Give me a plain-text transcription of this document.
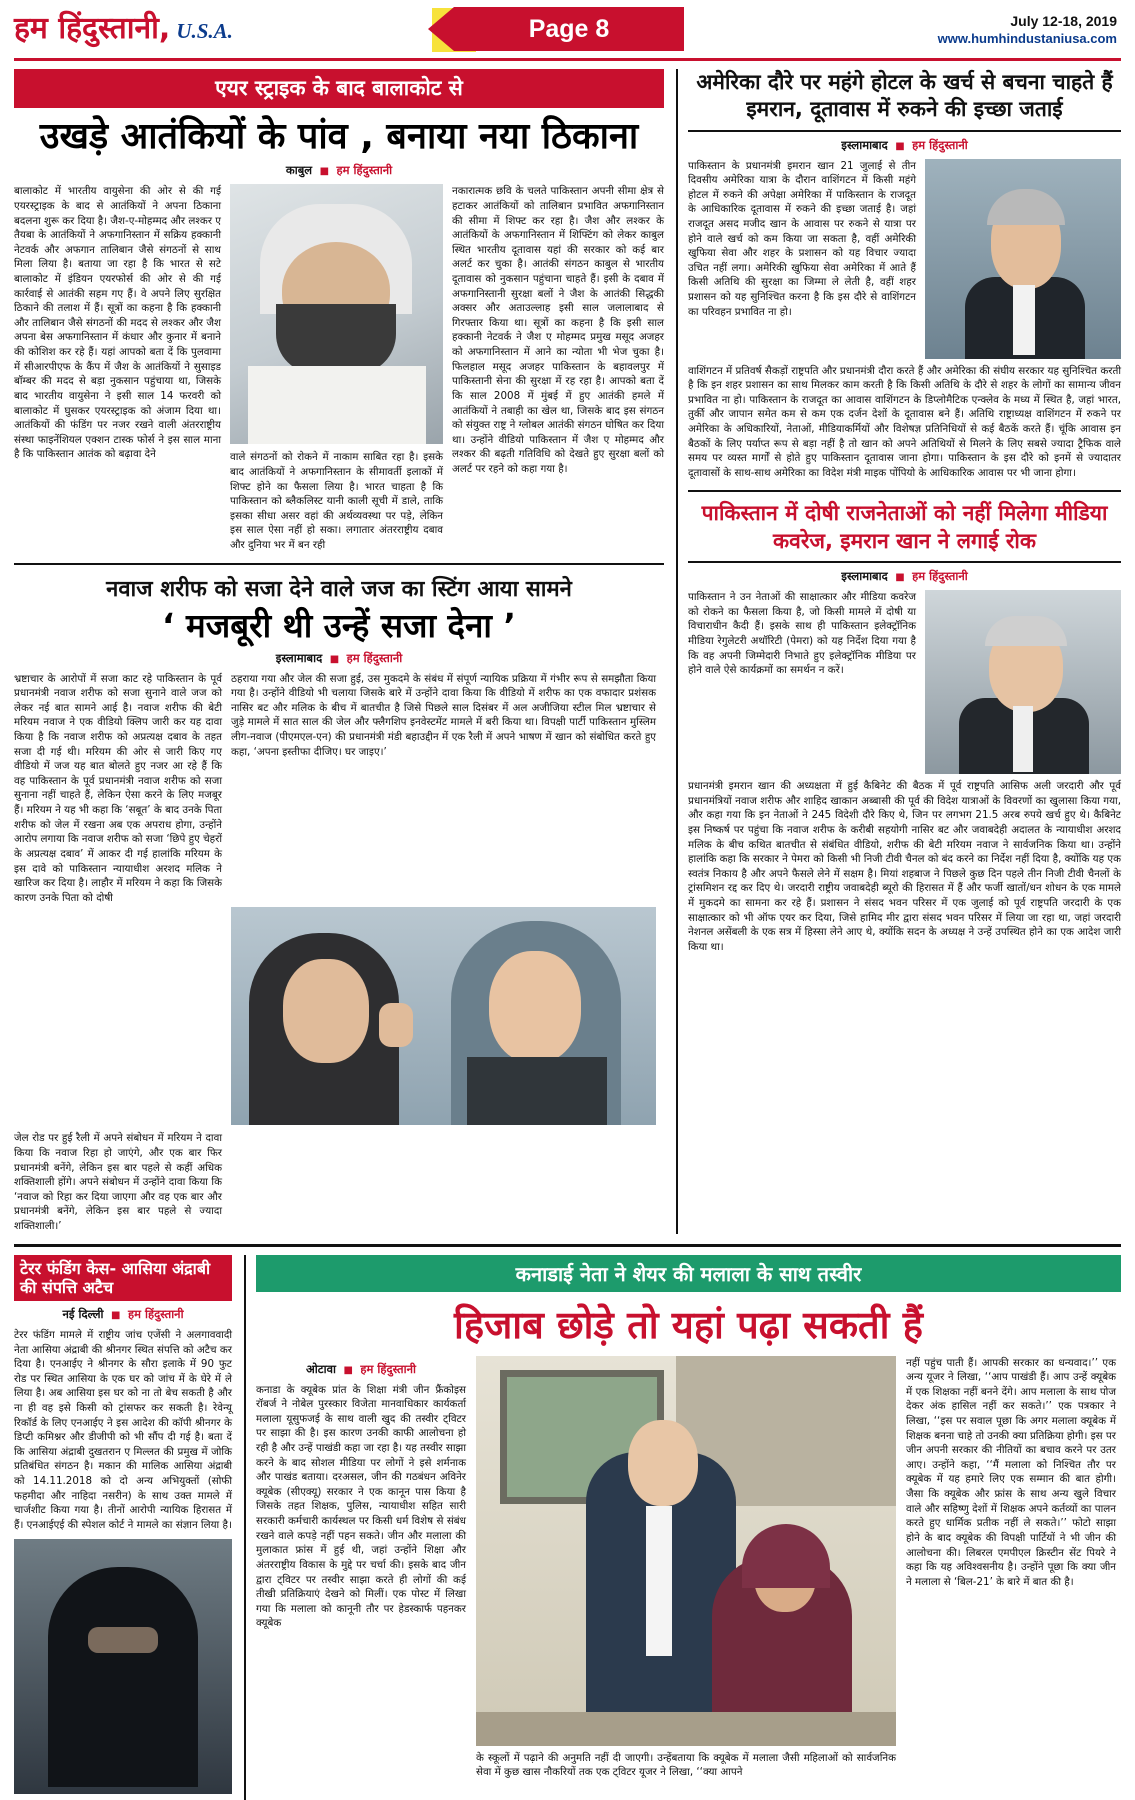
हम हिंदुस्तानी, U.S.A.	Page 8	July 12-18, 2019
www.humhindustaniusa.com
एयर स्ट्राइक के बाद बालाकोट से
उखड़े आतंकियों के पांव , बनाया नया ठिकाना
काबुल  ■  हम हिंदुस्तानी
बालाकोट में भारतीय वायुसेना की ओर से की गई एयरस्ट्राइक के बाद से आतंकियों ने अपना ठिकाना बदलना शुरू कर दिया है। जैश-ए-मोहम्मद और लश्कर ए तैयबा के आतंकियों ने अफगानिस्तान में सक्रिय हक्कानी नेटवर्क और अफगान तालिबान जैसे संगठनों से साथ मिला लिया है। बताया जा रहा है कि भारत से सटे बालाकोट में इंडियन एयरफोर्स की ओर से की गई कार्रवाई से आतंकी सहम गए हैं। वे अपने लिए सुरक्षित ठिकाने की तलाश में हैं। सूत्रों का कहना है कि हक्कानी और तालिबान जैसे संगठनों की मदद से लश्कर और जैश अपना बेस अफगानिस्तान में कंधार और कुनार में बनाने की कोशिश कर रहे हैं। यहां आपको बता दें कि पुलवामा में सीआरपीएफ के कैंप में जैश के आतंकियों ने सुसाइड बॉम्बर की मदद से बड़ा नुकसान पहुंचाया था, जिसके बाद भारतीय वायुसेना ने इसी साल 14 फरवरी को बालाकोट में घुसकर एयरस्ट्राइक को अंजाम दिया था। आतंकियों की फंडिंग पर नजर रखने वाली अंतरराष्ट्रीय संस्था फाइनेंशियल एक्शन टास्क फोर्स ने इस साल माना है कि पाकिस्तान आतंक को बढ़ावा देने	वाले संगठनों को रोकने में नाकाम साबित रहा है। इसके बाद आतंकियों ने अफगानिस्तान के सीमावर्ती इलाकों में शिफ्ट होने का फैसला लिया है। भारत चाहता है कि पाकिस्तान को ब्लैकलिस्ट यानी काली सूची में डाले, ताकि इसका सीधा असर वहां की अर्थव्यवस्था पर पड़े, लेकिन इस साल ऐसा नहीं हो सका। लगातार अंतरराष्ट्रीय दबाव और दुनिया भर में बन रही
नकारात्मक छवि के चलते पाकिस्तान अपनी सीमा क्षेत्र से हटाकर आतंकियों को तालिबान प्रभावित अफगानिस्तान की सीमा में शिफ्ट कर रहा है। जैश और लश्कर के आतंकियों के अफगानिस्तान में शिफ्टिंग को लेकर काबुल स्थित भारतीय दूतावास यहां की सरकार को कई बार अलर्ट कर चुका है। आतंकी संगठन काबुल से भारतीय दूतावास को नुकसान पहुंचाना चाहते हैं। इसी के दबाव में अफगानिस्तानी सुरक्षा बलों ने जैश के आतंकी सिद्धकी अक्सर और अताउल्लाह इसी साल जलालाबाद से गिरफ्तार किया था। सूत्रों का कहना है कि इसी साल हक्कानी नेटवर्क ने जैश ए मोहम्मद प्रमुख मसूद अजहर को अफगानिस्तान में आने का न्योता भी भेज चुका है। फिलहाल मसूद अजहर पाकिस्तान के बहावलपुर में पाकिस्तानी सेना की सुरक्षा में रह रहा है। आपको बता दें कि साल 2008 में मुंबई में हुए आतंकी हमले में आतंकियों ने तबाही का खेल था, जिसके बाद इस संगठन को संयुक्त राष्ट्र ने ग्लोबल आतंकी संगठन घोषित कर दिया था। उन्होंने वीडियो पाकिस्तान में जैश ए मोहम्मद और लश्कर की बढ़ती गतिविधि को देखते हुए सुरक्षा बलों को अलर्ट पर रहने को कहा गया है।
नवाज शरीफ को सजा देने वाले जज का स्टिंग आया सामने
‘ मजबूरी थी उन्हें सजा देना ’
इस्लामाबाद  ■  हम हिंदुस्तानी
भ्रष्टाचार के आरोपों में सजा काट रहे पाकिस्तान के पूर्व प्रधानमंत्री नवाज शरीफ को सजा सुनाने वाले जज को लेकर नई बात सामने आई है। नवाज शरीफ की बेटी मरियम नवाज ने एक वीडियो क्लिप जारी कर यह दावा किया है कि नवाज शरीफ को अप्रत्यक्ष दबाव के तहत सजा दी गई थी। मरियम की ओर से जारी किए गए वीडियो में जज यह बात बोलते हुए नजर आ रहे हैं कि वह पाकिस्तान के पूर्व प्रधानमंत्री नवाज शरीफ को सजा सुनाना नहीं चाहते हैं, लेकिन ऐसा करने के लिए मजबूर हैं। मरियम ने यह भी कहा कि ‘सबूत’ के बाद उनके पिता शरीफ को जेल में रखना अब एक अपराध होगा, उन्होंने आरोप लगाया कि नवाज शरीफ को सजा ‘छिपे हुए चेहरों के अप्रत्यक्ष दबाव’ में आकर दी गई हालांकि मरियम के इस दावे को पाकिस्तान न्यायाधीश अरशद मलिक ने खारिज कर दिया है। लाहौर में मरियम ने कहा कि जिसके कारण उनके पिता को दोषी
ठहराया गया और जेल की सजा हुई, उस मुकदमे के संबंध में संपूर्ण न्यायिक प्रक्रिया में गंभीर रूप से समझौता किया गया है। उन्होंने वीडियो भी चलाया जिसके बारे में उन्होंने दावा किया कि वीडियो में शरीफ का एक वफादार प्रशंसक नासिर बट और मलिक के बीच में बातचीत है जिसे पिछले साल दिसंबर में अल अजीजिया स्टील मिल भ्रष्टाचार से जुड़े मामले में सात साल की जेल और फ्लैगशिप इनवेस्टमेंट मामले में बरी किया था। विपक्षी पार्टी पाकिस्तान मुस्लिम लीग-नवाज (पीएमएल-एन) की प्रधानमंत्री मंडी बहाउद्दीन में एक रैली में अपने भाषण में खान को संबोधित करते हुए कहा, ‘अपना इस्तीफा दीजिए। घर जाइए।’
जेल रोड पर हुई रैली में अपने संबोधन में मरियम ने दावा किया कि नवाज रिहा हो जाएंगे, और एक बार फिर प्रधानमंत्री बनेंगे, लेकिन इस बार पहले से कहीं अधिक शक्तिशाली होंगे। अपने संबोधन में उन्होंने दावा किया कि ‘नवाज को रिहा कर दिया जाएगा और वह एक बार और प्रधानमंत्री बनेंगे, लेकिन इस बार पहले से ज्यादा शक्तिशाली।’
अमेरिका दौरे पर महंगे होटल के खर्च से बचना चाहते हैं इमरान, दूतावास में रुकने की इच्छा जताई
इस्लामाबाद  ■  हम हिंदुस्तानी
पाकिस्तान के प्रधानमंत्री इमरान खान 21 जुलाई से तीन दिवसीय अमेरिका यात्रा के दौरान वाशिंगटन में किसी महंगे होटल में रुकने की अपेक्षा अमेरिका में पाकिस्तान के राजदूत के आधिकारिक दूतावास में रुकने की इच्छा जताई है। जहां राजदूत असद मजीद खान के आवास पर रुकने से यात्रा पर होने वाले खर्च को कम किया जा सकता है, वहीं अमेरिकी खुफिया सेवा और शहर के प्रशासन को यह विचार ज्यादा उचित नहीं लगा। अमेरिकी खुफिया सेवा अमेरिका में आते हैं किसी अतिथि की सुरक्षा का जिम्मा ले लेती है, वहीं शहर प्रशासन को यह सुनिश्चित करना है कि इस दौरे से वाशिंगटन का परिवहन प्रभावित ना हो।
वाशिंगटन में प्रतिवर्ष सैकड़ों राष्ट्रपति और प्रधानमंत्री दौरा करते हैं और अमेरिका की संघीय सरकार यह सुनिश्चित करती है कि इन शहर प्रशासन का साथ मिलकर काम करती है कि किसी अतिथि के दौरे से शहर के लोगों का सामान्य जीवन प्रभावित ना हो। पाकिस्तान के राजदूत का आवास वाशिंगटन के डिप्लोमैटिक एन्क्लेव के मध्य में स्थित है, जहां भारत, तुर्की और जापान समेत कम से कम एक दर्जन देशों के दूतावास बने हैं। अतिथि राष्ट्राध्यक्ष वाशिंगटन में रुकने पर अमेरिका के अधिकारियों, नेताओं, मीडियाकर्मियों और विशेषज्ञ प्रतिनिधियों से कई बैठकें करते हैं। चूंकि आवास इन बैठकों के लिए पर्याप्त रूप से बड़ा नहीं है तो खान को अपने अतिथियों से मिलने के लिए सबसे ज्यादा ट्रैफिक वाले समय पर व्यस्त मार्गों से होते हुए पाकिस्तान दूतावास जाना होगा। पाकिस्तान के इस दौरे को इनमें से ज्यादातर दूतावासों के साथ-साथ अमेरिका का विदेश मंत्री माइक पोंपियो के आधिकारिक आवास पर भी जाना होगा।
पाकिस्तान में दोषी राजनेताओं को नहीं मिलेगा मीडिया कवरेज, इमरान खान ने लगाई रोक
इस्लामाबाद  ■  हम हिंदुस्तानी
पाकिस्तान ने उन नेताओं की साक्षात्कार और मीडिया कवरेज को रोकने का फैसला किया है, जो किसी मामले में दोषी या विचाराधीन कैदी हैं। इसके साथ ही पाकिस्तान इलेक्ट्रॉनिक मीडिया रेगुलेटरी अथॉरिटी (पेमरा) को यह निर्देश दिया गया है कि वह अपनी जिम्मेदारी निभाते हुए इलेक्ट्रॉनिक मीडिया पर होने वाले ऐसे कार्यक्रमों का समर्थन न करें।
प्रधानमंत्री इमरान खान की अध्यक्षता में हुई कैबिनेट की बैठक में पूर्व राष्ट्रपति आसिफ अली जरदारी और पूर्व प्रधानमंत्रियों नवाज शरीफ और शाहिद खाकान अब्बासी की पूर्व की विदेश यात्राओं के विवरणों का खुलासा किया गया, और कहा गया कि इन नेताओं ने 245 विदेशी दौरे किए थे, जिन पर लगभग 21.5 अरब रुपये खर्च हुए थे। कैबिनेट इस निष्कर्ष पर पहुंचा कि नवाज शरीफ के करीबी सहयोगी नासिर बट और जवाबदेही अदालत के न्यायाधीश अरशद मलिक के बीच कथित बातचीत से संबंधित वीडियो, शरीफ की बेटी मरियम नवाज ने सार्वजनिक किया था। उन्होंने हालांकि कहा कि सरकार ने पेमरा को किसी भी निजी टीवी चैनल को बंद करने का निर्देश नहीं दिया है, क्योंकि यह एक स्वतंत्र निकाय है और अपने फैसले लेने में सक्षम है। मियां शहबाज ने पिछले कुछ दिन पहले तीन निजी टीवी चैनलों के ट्रांसमिशन रद्द कर दिए थे। जरदारी राष्ट्रीय जवाबदेही ब्यूरो की हिरासत में हैं और फर्जी खातों/धन शोधन के एक मामले में मुकदमे का सामना कर रहे हैं। प्रशासन ने संसद भवन परिसर में एक जुलाई को पूर्व राष्ट्रपति जरदारी के एक साक्षात्कार को भी ऑफ एयर कर दिया, जिसे हामिद मीर द्वारा संसद भवन परिसर में लिया जा रहा था, जहां जरदारी नेशनल असेंबली के एक सत्र में हिस्सा लेने आए थे, क्योंकि सदन के अध्यक्ष ने उन्हें उपस्थित होने का एक आदेश जारी किया था।
टेरर फंडिंग केस- आसिया अंद्राबी की संपत्ति अटैच
नई दिल्ली  ■  हम हिंदुस्तानी
टेरर फंडिंग मामले में राष्ट्रीय जांच एजेंसी ने अलगाववादी नेता आसिया अंद्राबी की श्रीनगर स्थित संपत्ति को अटैच कर दिया है। एनआईए ने श्रीनगर के सौरा इलाके में 90 फुट रोड पर स्थित आसिया के एक घर को जांच में के घेरे में ले लिया है। अब आसिया इस घर को ना तो बेच सकती है और ना ही वह इसे किसी को ट्रांसफर कर सकती है। रेवेन्यू रिकॉर्ड के लिए एनआईए ने इस आदेश की कॉपी श्रीनगर के डिप्टी कमिश्नर और डीजीपी को भी सौंप दी गई है। बता दें कि आसिया अंद्राबी दुखतरान ए मिल्लत की प्रमुख में जोकि प्रतिबंधित संगठन है। मकान की मालिक आसिया अंद्राबी को 14.11.2018 को दो अन्य अभियुक्तों (सोफी फहमीदा और नाहिदा नसरीन) के साथ उक्त मामले में चार्जशीट किया गया है। तीनों आरोपी न्यायिक हिरासत में हैं। एनआईएई की स्पेशल कोर्ट ने मामले का संज्ञान लिया है।
कनाडाई नेता ने शेयर की मलाला के साथ तस्वीर
हिजाब छोड़े तो यहां पढ़ा सकती हैं
ओटावा  ■  हम हिंदुस्तानी
कनाडा के क्यूबेक प्रांत के शिक्षा मंत्री जीन फ्रैंकोइस रॉबर्ज ने नोबेल पुरस्कार विजेता मानवाधिकार कार्यकर्ता मलाला यूसुफजई के साथ वाली खुद की तस्वीर ट्विटर पर साझा की है। इस कारण उनकी काफी आलोचना हो रही है और उन्हें पाखंडी कहा जा रहा है। यह तस्वीर साझा करने के बाद सोशल मीडिया पर लोगों ने इसे शर्मनाक और पाखंड बताया। दरअसल, जीन की गठबंधन अविनेर क्यूबेक (सीएक्यू) सरकार ने एक कानून पास किया है जिसके तहत शिक्षक, पुलिस, न्यायाधीश सहित सारी सरकारी कर्मचारी कार्यस्थल पर किसी धर्म विशेष से संबंध रखने वाले कपड़े नहीं पहन सकते। जीन और मलाला की मुलाकात फ्रांस में हुई थी, जहां उन्होंने शिक्षा और अंतरराष्ट्रीय विकास के मुद्दे पर चर्चा की। इसके बाद जीन द्वारा ट्विटर पर तस्वीर साझा करते ही लोगों की कई तीखी प्रतिक्रियाएं देखने को मिलीं। एक पोस्ट में लिखा गया कि मलाला को कानूनी तौर पर हेडस्कार्फ पहनकर क्यूबेक
के स्कूलों में पढ़ाने की अनुमति नहीं दी जाएगी। उन्हेंबताया कि क्यूबेक में मलाला जैसी महिलाओं को सार्वजनिक सेवा में कुछ खास नौकरियों तक एक ट्विटर यूजर ने लिखा, ‘‘क्या आपने
नहीं पहुंच पाती हैं। आपकी सरकार का धन्यवाद।’’ एक अन्य यूजर ने लिखा, ‘‘आप पाखंडी हैं। आप उन्हें क्यूबेक में एक शिक्षका नहीं बनने देंगे। आप मलाला के साथ पोज देकर अंक हासिल नहीं कर सकते।’’ एक पत्रकार ने लिखा, ‘‘इस पर सवाल पूछा कि अगर मलाला क्यूबेक में शिक्षक बनना चाहे तो उनकी क्या प्रतिक्रिया होगी। इस पर जीन अपनी सरकार की नीतियों का बचाव करने पर उतर आए। उन्होंने कहा, ‘‘मैं मलाला को निश्चित तौर पर क्यूबेक में यह हमारे लिए एक सम्मान की बात होगी। जैसा कि क्यूबेक और फ्रांस के साथ अन्य खुले विचार वाले और सहिष्णु देशों में शिक्षक अपने कर्तव्यों का पालन करते हुए धार्मिक प्रतीक नहीं ले सकते।’’ फोटो साझा होने के बाद क्यूबेक की विपक्षी पार्टियों ने भी जीन की आलोचना की। लिबरल एमपीएल क्रिस्टीन सेंट पियरे ने कहा कि यह अविश्वसनीय है। उन्होंने पूछा कि क्या जीन ने मलाला से ‘बिल-21’ के बारे में बात की है।
